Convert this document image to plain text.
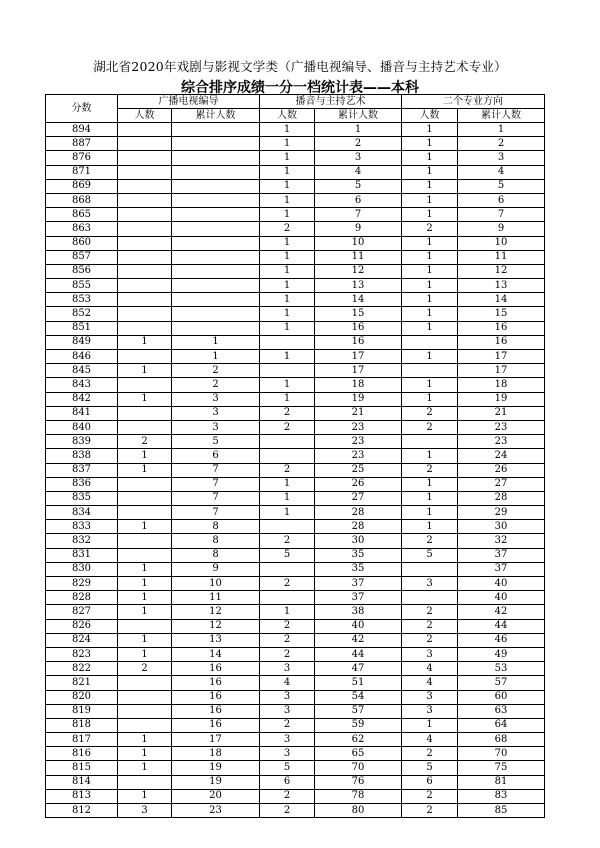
湖北省2020年戏剧与影视文学类（广播电视编导、播音与主持艺术专业）
综合排序成绩一分一档统计表——本科
分数	广播电视编导		播音与主持艺术		二个专业方向	
	人数	累计人数	人数	累计人数	人数	累计人数
894			1	1	1	1
887			1	2	1	2
876			1	3	1	3
871			1	4	1	4
869			1	5	1	5
868			1	6	1	6
865			1	7	1	7
863			2	9	2	9
860			1	10	1	10
857			1	11	1	11
856			1	12	1	12
855			1	13	1	13
853			1	14	1	14
852			1	15	1	15
851			1	16	1	16
849	1	1		16		16
846		1	1	17	1	17
845	1	2		17		17
843		2	1	18	1	18
842	1	3	1	19	1	19
841		3	2	21	2	21
840		3	2	23	2	23
839	2	5		23		23
838	1	6		23	1	24
837	1	7	2	25	2	26
836		7	1	26	1	27
835		7	1	27	1	28
834		7	1	28	1	29
833	1	8		28	1	30
832		8	2	30	2	32
831		8	5	35	5	37
830	1	9		35		37
829	1	10	2	37	3	40
828	1	11		37		40
827	1	12	1	38	2	42
826		12	2	40	2	44
824	1	13	2	42	2	46
823	1	14	2	44	3	49
822	2	16	3	47	4	53
821		16	4	51	4	57
820		16	3	54	3	60
819		16	3	57	3	63
818		16	2	59	1	64
817	1	17	3	62	4	68
816	1	18	3	65	2	70
815	1	19	5	70	5	75
814		19	6	76	6	81
813	1	20	2	78	2	83
812	3	23	2	80	2	85
